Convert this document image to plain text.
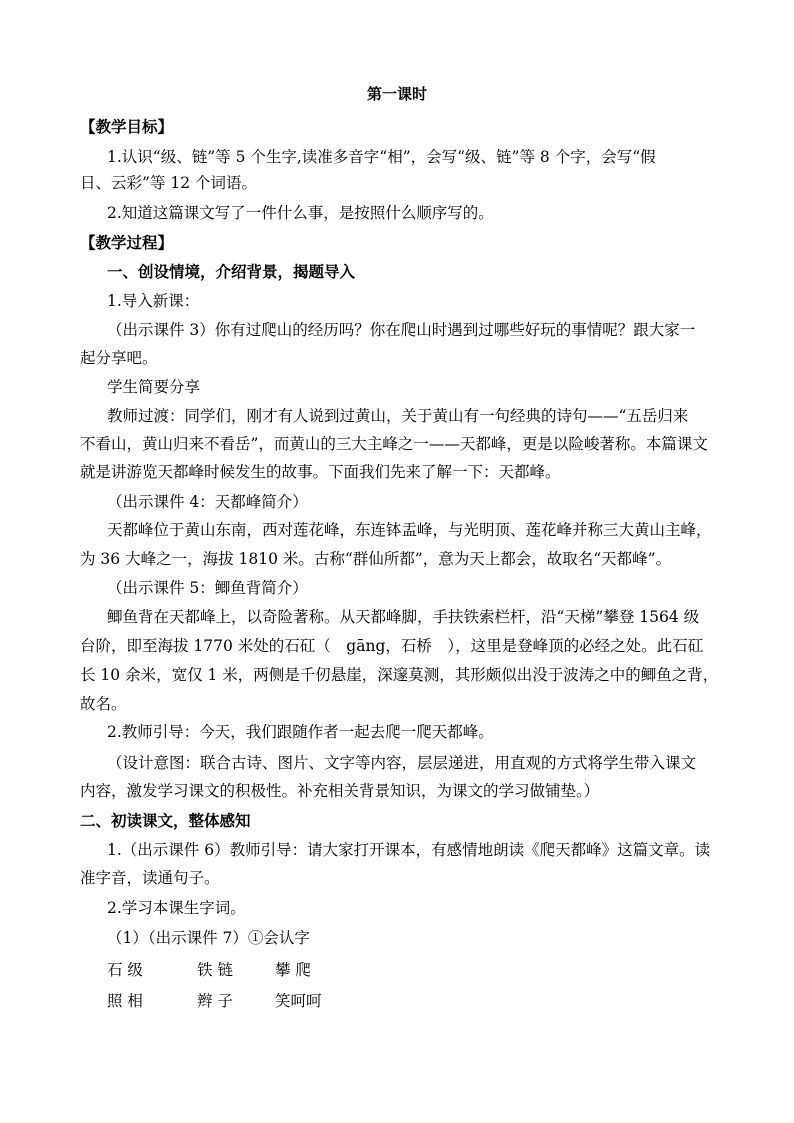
第一课时
【教学目标】
1.认识“级、链”等 5 个生字,读准多音字“相”，会写“级、链”等 8 个字，会写“假
日、云彩”等 12 个词语。
2.知道这篇课文写了一件什么事，是按照什么顺序写的。
【教学过程】
一、创设情境，介绍背景，揭题导入
1.导入新课：
（出示课件 3）你有过爬山的经历吗？你在爬山时遇到过哪些好玩的事情呢？跟大家一
起分享吧。
学生简要分享
教师过渡：同学们，刚才有人说到过黄山，关于黄山有一句经典的诗句——“五岳归来
不看山，黄山归来不看岳”，而黄山的三大主峰之一——天都峰，更是以险峻著称。本篇课文
就是讲游览天都峰时候发生的故事。下面我们先来了解一下：天都峰。
（出示课件 4：天都峰简介）
天都峰位于黄山东南，西对莲花峰，东连钵盂峰，与光明顶、莲花峰并称三大黄山主峰，
为 36 大峰之一，海拔 1810 米。古称“群仙所都”，意为天上都会，故取名“天都峰”。
（出示课件 5：鲫鱼背简介）
鲫鱼背在天都峰上，以奇险著称。从天都峰脚，手扶铁索栏杆，沿“天梯”攀登 1564 级
台阶，即至海拔 1770 米处的石矼（　gāng，石桥　），这里是登峰顶的必经之处。此石矼
长 10 余米，宽仅 1 米，两侧是千仞悬崖，深邃莫测，其形颇似出没于波涛之中的鲫鱼之背，
故名。
2.教师引导：今天，我们跟随作者一起去爬一爬天都峰。
（设计意图：联合古诗、图片、文字等内容，层层递进，用直观的方式将学生带入课文
内容，激发学习课文的积极性。补充相关背景知识，为课文的学习做铺垫。）
二、初读课文，整体感知
1.（出示课件 6）教师引导：请大家打开课本，有感情地朗读《爬天都峰》这篇文章。读
准字音，读通句子。
2.学习本课生字词。
（1）（出示课件 7）①会认字
石 级	铁 链	攀 爬
照 相	辫 子	笑呵呵
